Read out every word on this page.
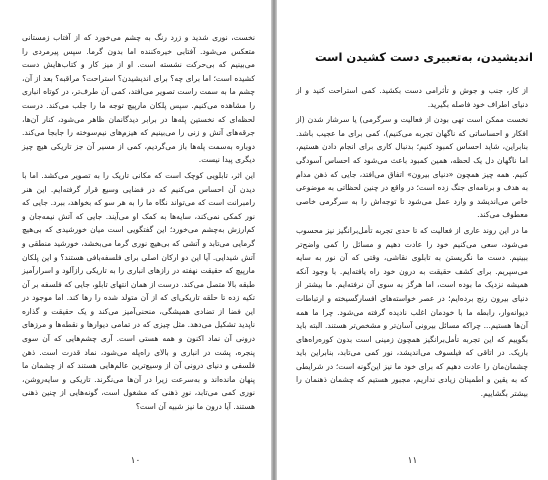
نخست، نوری شدید و زرد رنگ به چشم می‌خورد که از آفتاب زمستانی متعکس می‌شود. آفتابی خیره‌کننده اما بدون گرما. سپس پیرمردی را می‌بینیم که بی‌حرکت نشسته است. او از میز کار و کتاب‌هایش دست کشیده است؛ اما برای چه؟ برای اندیشیدن؟ استراحت؟ مراقبه؟ بعد از آن، چشم ما به سمت راست تصویر می‌افتد، کمی آن طرف‌تر، در کوتاه انباری را مشاهده می‌کنیم. سپس پلکان مارپیچ توجه ما را جلب می‌کند. درست لحظه‌ای که نخستین پله‌ها در برابر دیدگانمان ظاهر می‌شود، کنار آن‌ها، جرقه‌های آتش و زنی را می‌بینیم که هیزم‌های نیم‌سوخته را جابجا می‌کند. دوباره به‌سمت پله‌ها باز می‌گردیم، کمی از مسیر آن جز تاریکی هیچ چیز دیگری پیدا نیست.

این اثر، تابلویی کوچک است که مکانی تاریک را به تصویر می‌کشد. اما با دیدن آن احساس می‌کنیم که در فضایی وسیع قرار گرفته‌ایم. این هنر رامبرانت است که می‌تواند نگاه ما را به هر سو که بخواهد، ببرد. جایی که نور کمکی نمی‌کند، سایه‌ها به کمک او می‌آیند. جایی که آتش نیمه‌جان و کم‌ارزش به‌چشم می‌خورد؛ این گفتگویی است میان خورشیدی که بی‌هیچ گرمایی می‌تابد و آتشی که بی‌هیچ نوری گرما می‌بخشد، خورشید منطقی و آتش شیدایی. آیا این دو ارکان اصلی برای فلسفه‌بافی هستند؟ و این پلکان مارپیچ که حقیقت نهفته در رازهای انباری را به تاریکی رازآلود و اسرارآمیز طبقه بالا متصل می‌کند. درست از همان انتهای تابلو، جایی که فلسفه بر آن تکیه زده تا حلقه تاریکی‌ای که از آن متولد شده را رها کند. اما موجود در این فضا از تضادی همیشگی، منحنی‌آمیز می‌کند و یک حقیقت و گذاره ناپدید تشکیل می‌دهد. مثل چیزی که در تمامی دیوارها و نقطه‌ها و مرزهای درونی آن نماد اکنون و همه هستی است. آری چشم‌هایی که آن سوی پنجره، پشت در انباری و بالای راه‌پله می‌شود، نماد قدرت است. ذهن فلسفی و دنیای درونی آن از وسیع‌ترین عالم‌هایی هستند که از چشمان ما پنهان مانده‌اند و به‌سرعت زیرا در آن‌ها می‌نگرند. تاریکی و سایه‌روشن، نوری کمی می‌تابد، نورِ ذهنی که مشغول است، گونه‌هایی از چنین ذهنی هستند. آیا درون ما نیز شبیه آن است؟

۱۰
اندیشیدن، به‌تعبیری دست کشیدن است

از کار، جنب و جوش و تأثرامی دست بکشید. کمی استراحت کنید و از دنیای اطراف خود فاصله بگیرید.

نخست ممکن است تهی بودن از فعالیت و سرگرمی) یا سرشار شدن (از افکار و احساساتی که ناگهان تجربه می‌کنیم)، کمی برای ما عجیب باشد. بنابراین، شاید احساس کمبود کنیم؛ بدنبال کاری برای انجام دادن هستیم، اما ناگهان دل یک لحظه، همین کمبود باعث می‌شود که احساس آسودگی کنیم. همه چیز همچون «دنیای بیرون» اتفاق می‌افتد، جایی که ذهن مدام به هدف و برنامه‌ای جنگ زده است؛ در واقع در چنین لحظاتی به موضوعی خاص می‌اندیشد و وارد عمل می‌شود تا توجه‌اش را به سرگرمی خاصی معطوف می‌کند.

ما در این روند عاری از فعالیت که تا حدی تجربه تأمل‌برانگیز نیز محسوب می‌شود، سعی می‌کنیم خود را عادت دهیم و مسائل را کمی واضح‌تر ببینیم. دست ما نگریستن به تابلوی نقاشی، وقتی که آن نور به سایه می‌سپریم. برای کشف حقیقت به درون خود راه یافته‌ایم. با وجود آنکه همیشه نزدیک ما بوده است، اما هرگز به سوی آن نرفته‌ایم. ما بیشتر از دنیای بیرون رنج برده‌ایم؛ در عصر خواسته‌های افسارگسیخته و ارتباطات دیوانه‌وار، رابطه ما با خودمان اغلب نادیده گرفته می‌شود. چرا ما همه آن‌ها هستیم... چراکه مسائل بیرونی آسان‌تر و مشخص‌تر هستند. البته باید بگوییم که این تجربه تأمل‌برانگیز همچون زمینی است بدون کوره‌راه‌های باریک. در اتاقی که فیلسوف می‌اندیشد، نور کمی می‌تابد، بنابراین باید چشمان‌مان را عادت دهیم که برای خود ما نیز این‌گونه است؛ در شرایطی که به یقین و اطمینان زیادی نداریم، مجبور هستیم که چشمان ذهنمان را بیشتر بگشاییم.

۱۱
